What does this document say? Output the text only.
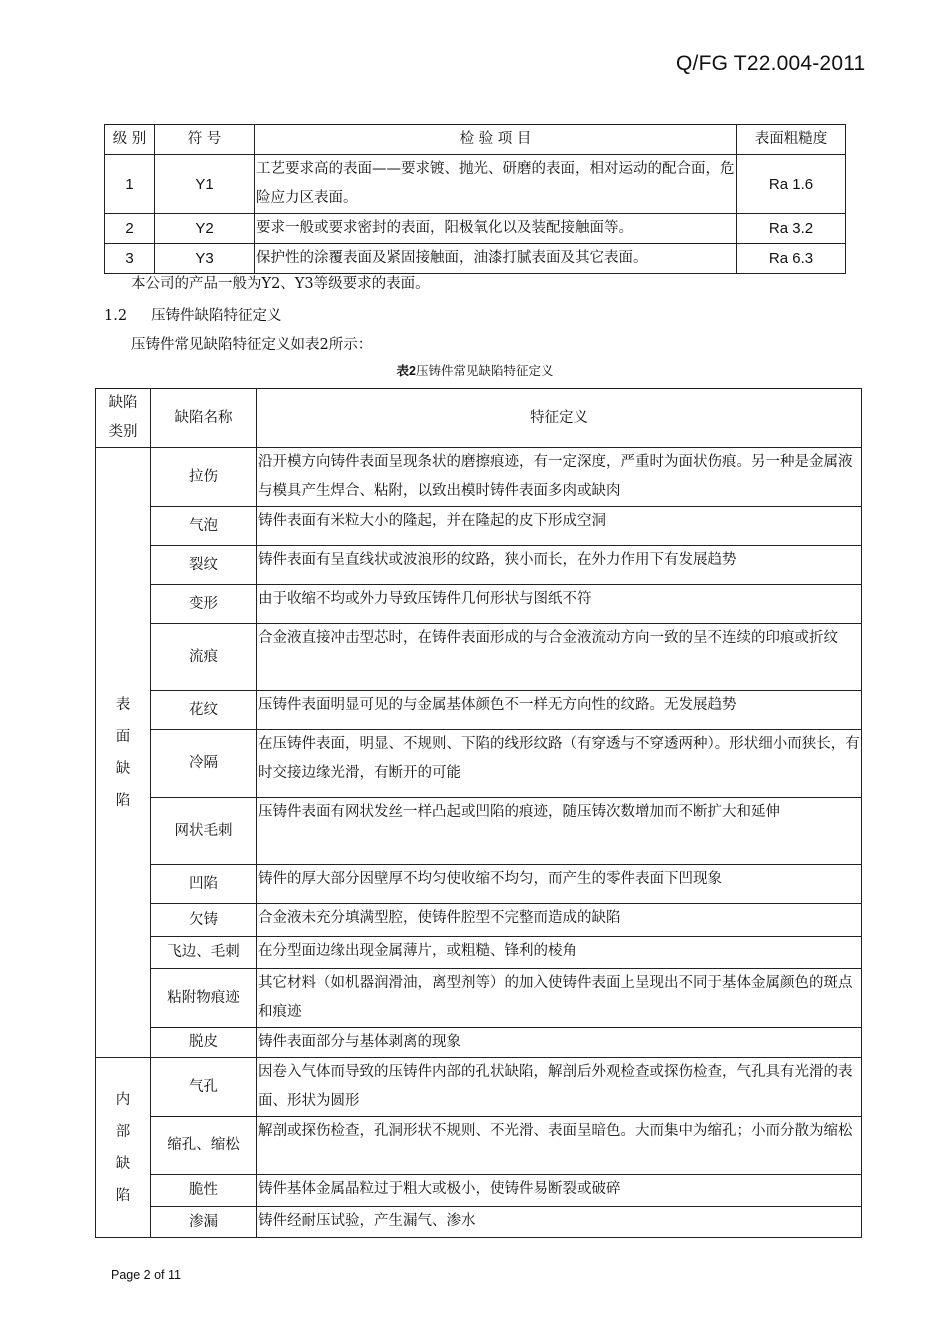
Q/FG T22.004-2011
级 别	符 号	检 验 项 目	表面粗糙度
1	Y1	工艺要求高的表面——要求镀、抛光、研磨的表面，相对运动的配合面，危险应力区表面。	Ra 1.6
2	Y2	要求一般或要求密封的表面，阳极氧化以及装配接触面等。	Ra 3.2
3	Y3	保护性的涂覆表面及紧固接触面，油漆打腻表面及其它表面。	Ra 6.3
本公司的产品一般为Y2、Y3等级要求的表面。
1.2 压铸件缺陷特征定义
压铸件常见缺陷特征定义如表2所示：
表2压铸件常见缺陷特征定义
缺陷类别	缺陷名称	特征定义

表面缺陷	拉伤	沿开模方向铸件表面呈现条状的磨擦痕迹，有一定深度，严重时为面状伤痕。另一种是金属液与模具产生焊合、粘附，以致出模时铸件表面多肉或缺肉
	气泡	铸件表面有米粒大小的隆起，并在隆起的皮下形成空洞
	裂纹	铸件表面有呈直线状或波浪形的纹路，狭小而长，在外力作用下有发展趋势
	变形	由于收缩不均或外力导致压铸件几何形状与图纸不符
	流痕	合金液直接冲击型芯时，在铸件表面形成的与合金液流动方向一致的呈不连续的印痕或折纹
	花纹	压铸件表面明显可见的与金属基体颜色不一样无方向性的纹路。无发展趋势
	冷隔	在压铸件表面，明显、不规则、下陷的线形纹路（有穿透与不穿透两种）。形状细小而狭长，有时交接边缘光滑，有断开的可能
	网状毛刺	压铸件表面有网状发丝一样凸起或凹陷的痕迹，随压铸次数增加而不断扩大和延伸
	凹陷	铸件的厚大部分因壁厚不均匀使收缩不均匀，而产生的零件表面下凹现象
	欠铸	合金液未充分填满型腔，使铸件腔型不完整而造成的缺陷
	飞边、毛刺	在分型面边缘出现金属薄片，或粗糙、锋利的棱角
	粘附物痕迹	其它材料（如机器润滑油，离型剂等）的加入使铸件表面上呈现出不同于基体金属颜色的斑点和痕迹
	脱皮	铸件表面部分与基体剥离的现象

内部缺陷	气孔	因卷入气体而导致的压铸件内部的孔状缺陷，解剖后外观检查或探伤检查，气孔具有光滑的表面、形状为圆形
	缩孔、缩松	解剖或探伤检查，孔洞形状不规则、不光滑、表面呈暗色。大而集中为缩孔；小而分散为缩松
	脆性	铸件基体金属晶粒过于粗大或极小，使铸件易断裂或破碎
	渗漏	铸件经耐压试验，产生漏气、渗水
Page 2 of 11
